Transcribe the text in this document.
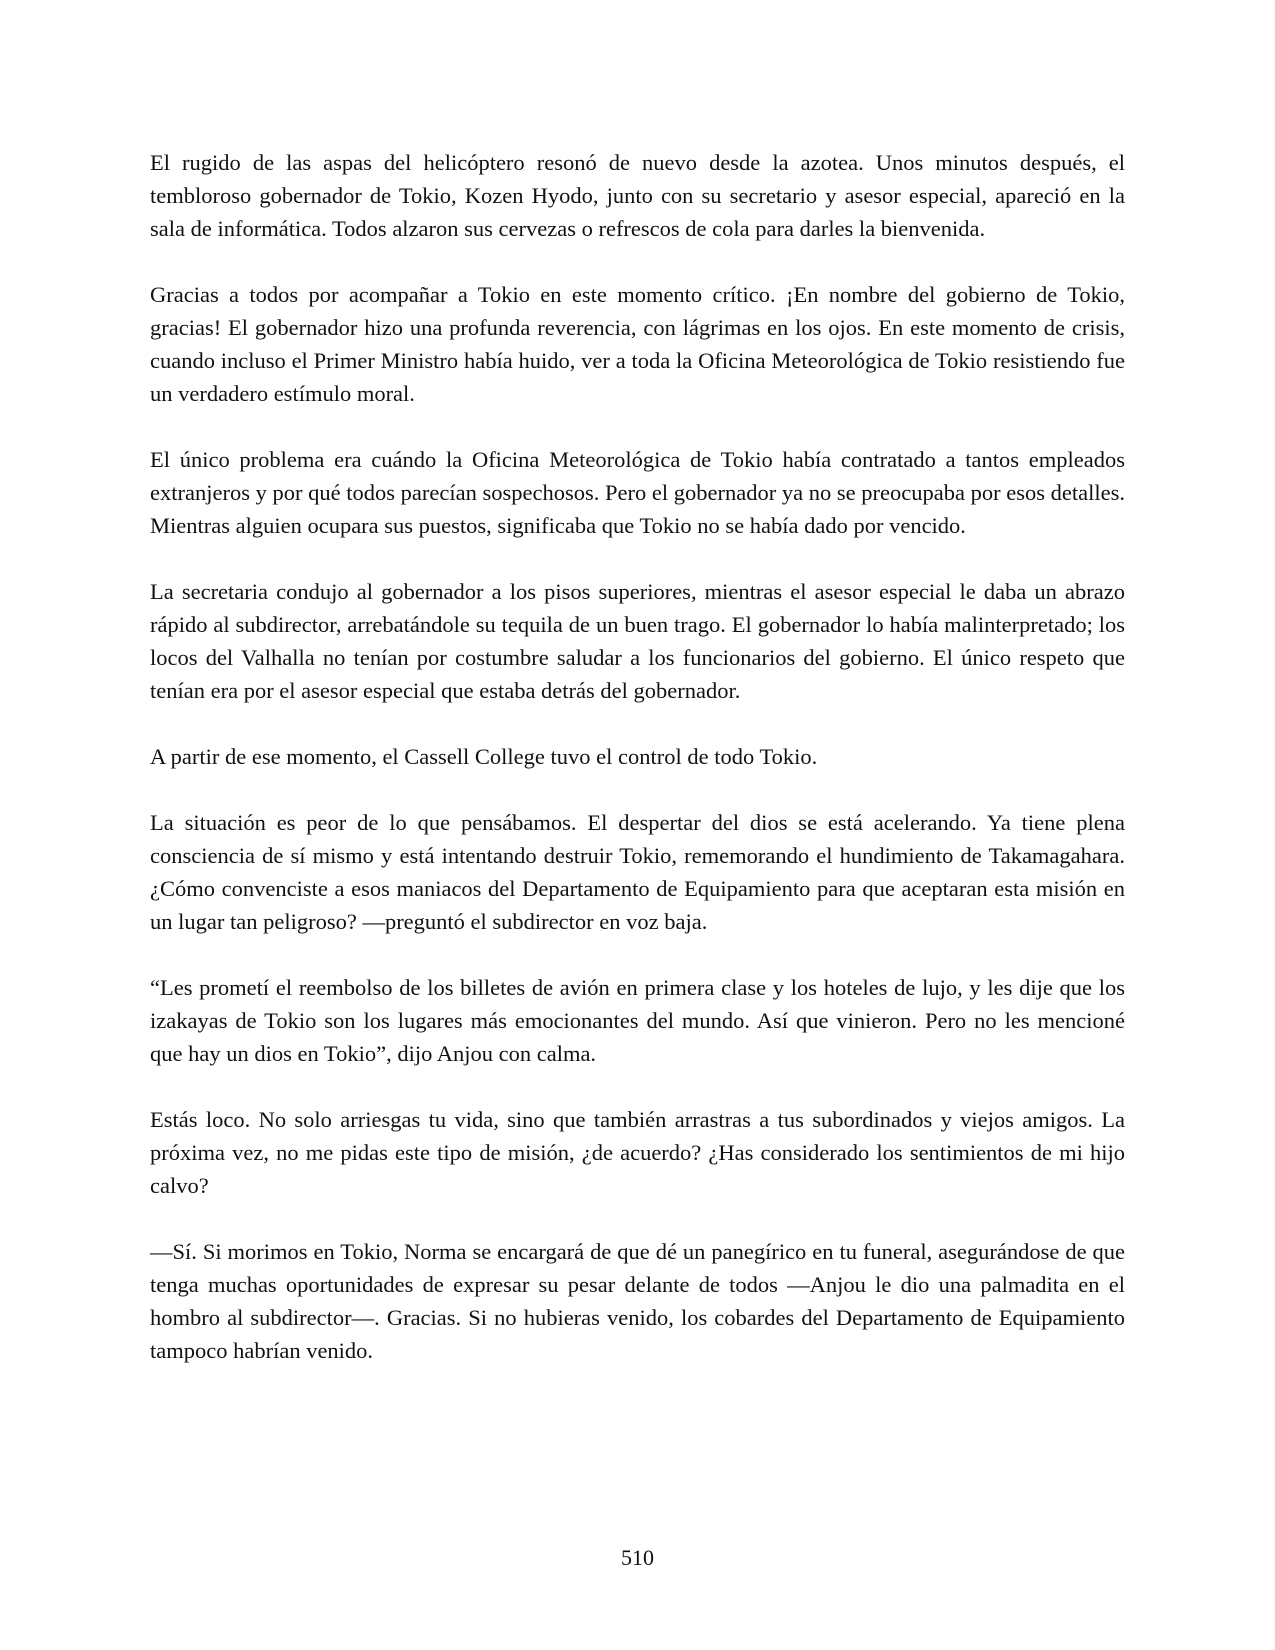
El rugido de las aspas del helicóptero resonó de nuevo desde la azotea. Unos minutos después, el tembloroso gobernador de Tokio, Kozen Hyodo, junto con su secretario y asesor especial, apareció en la sala de informática. Todos alzaron sus cervezas o refrescos de cola para darles la bienvenida.

Gracias a todos por acompañar a Tokio en este momento crítico. ¡En nombre del gobierno de Tokio, gracias! El gobernador hizo una profunda reverencia, con lágrimas en los ojos. En este momento de crisis, cuando incluso el Primer Ministro había huido, ver a toda la Oficina Meteorológica de Tokio resistiendo fue un verdadero estímulo moral.

El único problema era cuándo la Oficina Meteorológica de Tokio había contratado a tantos empleados extranjeros y por qué todos parecían sospechosos. Pero el gobernador ya no se preocupaba por esos detalles. Mientras alguien ocupara sus puestos, significaba que Tokio no se había dado por vencido.

La secretaria condujo al gobernador a los pisos superiores, mientras el asesor especial le daba un abrazo rápido al subdirector, arrebatándole su tequila de un buen trago. El gobernador lo había malinterpretado; los locos del Valhalla no tenían por costumbre saludar a los funcionarios del gobierno. El único respeto que tenían era por el asesor especial que estaba detrás del gobernador.

A partir de ese momento, el Cassell College tuvo el control de todo Tokio.

La situación es peor de lo que pensábamos. El despertar del dios se está acelerando. Ya tiene plena consciencia de sí mismo y está intentando destruir Tokio, rememorando el hundimiento de Takamagahara. ¿Cómo convenciste a esos maniacos del Departamento de Equipamiento para que aceptaran esta misión en un lugar tan peligroso? —preguntó el subdirector en voz baja.

“Les prometí el reembolso de los billetes de avión en primera clase y los hoteles de lujo, y les dije que los izakayas de Tokio son los lugares más emocionantes del mundo. Así que vinieron. Pero no les mencioné que hay un dios en Tokio”, dijo Anjou con calma.

Estás loco. No solo arriesgas tu vida, sino que también arrastras a tus subordinados y viejos amigos. La próxima vez, no me pidas este tipo de misión, ¿de acuerdo? ¿Has considerado los sentimientos de mi hijo calvo?

—Sí. Si morimos en Tokio, Norma se encargará de que dé un panegírico en tu funeral, asegurándose de que tenga muchas oportunidades de expresar su pesar delante de todos —Anjou le dio una palmadita en el hombro al subdirector—. Gracias. Si no hubieras venido, los cobardes del Departamento de Equipamiento tampoco habrían venido.

510
